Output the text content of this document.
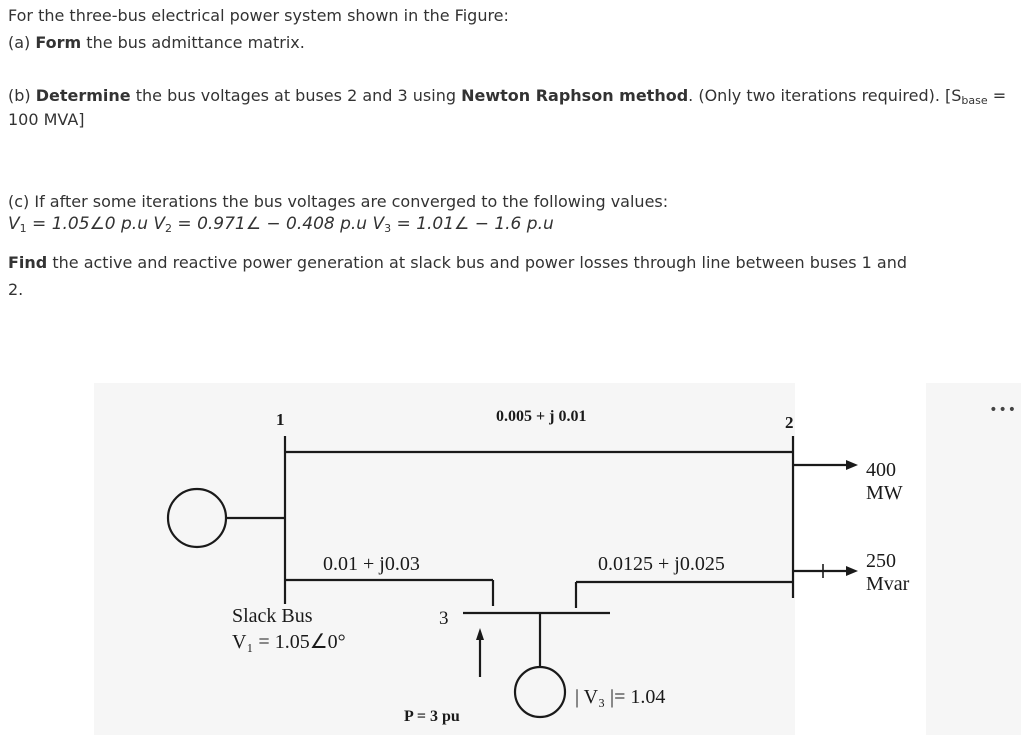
For the three-bus electrical power system shown in the Figure:
(a) Form the bus admittance matrix.
(b) Determine the bus voltages at buses 2 and 3 using Newton Raphson method. (Only two iterations required). [$S_{base}$ =
100 MVA]
(c) If after some iterations the bus voltages are converged to the following values:
$V_1$ = 1.05∠0 p.u $V_2$ = 0.971∠ − 0.408 p.u $V_3$ = 1.01∠ − 1.6 p.u
Find the active and reactive power generation at slack bus and power losses through line between buses 1 and
2.
•••
1	2
3
0.005 + j 0.01
0.01 + j0.03	0.0125 + j0.025
400
MW
250
Mvar
Slack Bus
V₁ = 1.05∠0°
P = 3 pu
| V₃ |= 1.04
